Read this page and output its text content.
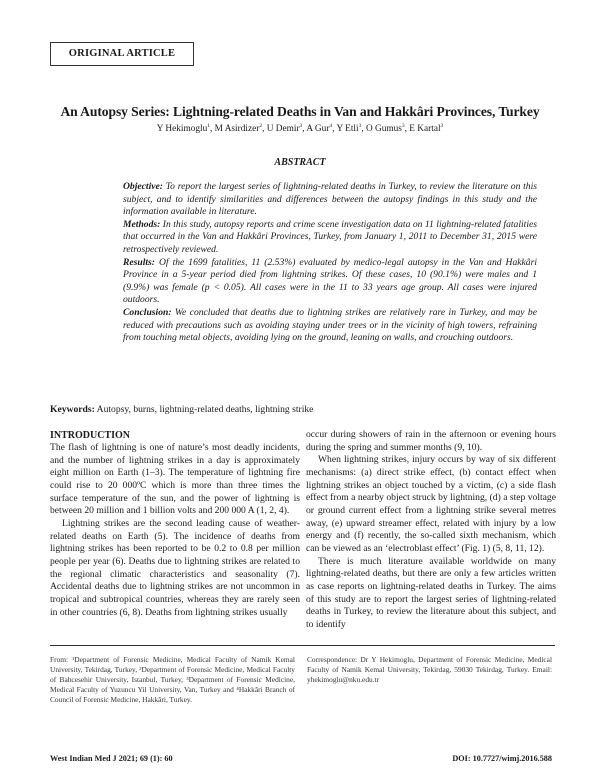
ORIGINAL ARTICLE
An Autopsy Series: Lightning-related Deaths in Van and Hakkâri Provinces, Turkey
Y Hekimoglu$^1$, M Asirdizer$^2$, U Demir$^3$, A Gur$^4$, Y Etli$^3$, O Gumus$^3$, E Kartal$^3$
ABSTRACT
Objective: To report the largest series of lightning-related deaths in Turkey, to review the literature on this subject, and to identify similarities and differences between the autopsy findings in this study and the information available in literature.
Methods: In this study, autopsy reports and crime scene investigation data on 11 lightning-related fatalities that occurred in the Van and Hakkâri Provinces, Turkey, from January 1, 2011 to December 31, 2015 were retrospectively reviewed.
Results: Of the 1699 fatalities, 11 (2.53%) evaluated by medico-legal autopsy in the Van and Hakkâri Province in a 5-year period died from lightning strikes. Of these cases, 10 (90.1%) were males and 1 (9.9%) was female (p < 0.05). All cases were in the 11 to 33 years age group. All cases were injured outdoors.
Conclusion: We concluded that deaths due to lightning strikes are relatively rare in Turkey, and may be reduced with precautions such as avoiding staying under trees or in the vicinity of high towers, refraining from touching metal objects, avoiding lying on the ground, leaning on walls, and crouching outdoors.
Keywords: Autopsy, burns, lightning-related deaths, lightning strike
INTRODUCTION

The flash of lightning is one of nature’s most deadly incidents, and the number of lightning strikes in a day is approximately eight million on Earth (1–3). The temperature of lightning fire could rise to 20 000ºC which is more than three times the surface temperature of the sun, and the power of lightning is between 20 million and 1 billion volts and 200 000 A (1, 2, 4).

Lightning strikes are the second leading cause of weather-related deaths on Earth (5). The incidence of deaths from lightning strikes has been reported to be 0.2 to 0.8 per million people per year (6). Deaths due to lightning strikes are related to the regional climatic characteristics and seasonality (7). Accidental deaths due to lightning strikes are not uncommon in tropical and subtropical countries, whereas they are rarely seen in other countries (6, 8). Deaths from lightning strikes usually

occur during showers of rain in the afternoon or evening hours during the spring and summer months (9, 10).

When lightning strikes, injury occurs by way of six different mechanisms: (a) direct strike effect, (b) contact effect when lightning strikes an object touched by a victim, (c) a side flash effect from a nearby object struck by lightning, (d) a step voltage or ground current effect from a lightning strike several metres away, (e) upward streamer effect, related with injury by a low energy and (f) recently, the so-called sixth mechanism, which can be viewed as an ‘electroblast effect’ (Fig. 1) (5, 8, 11, 12).

There is much literature available worldwide on many lightning-related deaths, but there are only a few articles written as case reports on lightning-related deaths in Turkey. The aims of this study are to report the largest series of lightning-related deaths in Turkey, to review the literature about this subject, and to identify

From: ¹Department of Forensic Medicine, Medical Faculty of Namik Kemal University, Tekirdag, Turkey, ²Department of Forensic Medicine, Medical Faculty of Bahcesehir University, Istanbul, Turkey, ³Department of Forensic Medicine, Medical Faculty of Yuzuncu Yil University, Van, Turkey and ⁴Hakkâri Branch of Council of Forensic Medicine, Hakkâri, Turkey.
Correspondence: Dr Y Hekimoglu, Department of Forensic Medicine, Medical Faculty of Namik Kemal University, Tekirdag, 59030 Tekirdag, Turkey. Email: yhekimoglu@nku.edu.tr
West Indian Med J 2021; 69 (1): 60	DOI: 10.7727/wimj.2016.588
